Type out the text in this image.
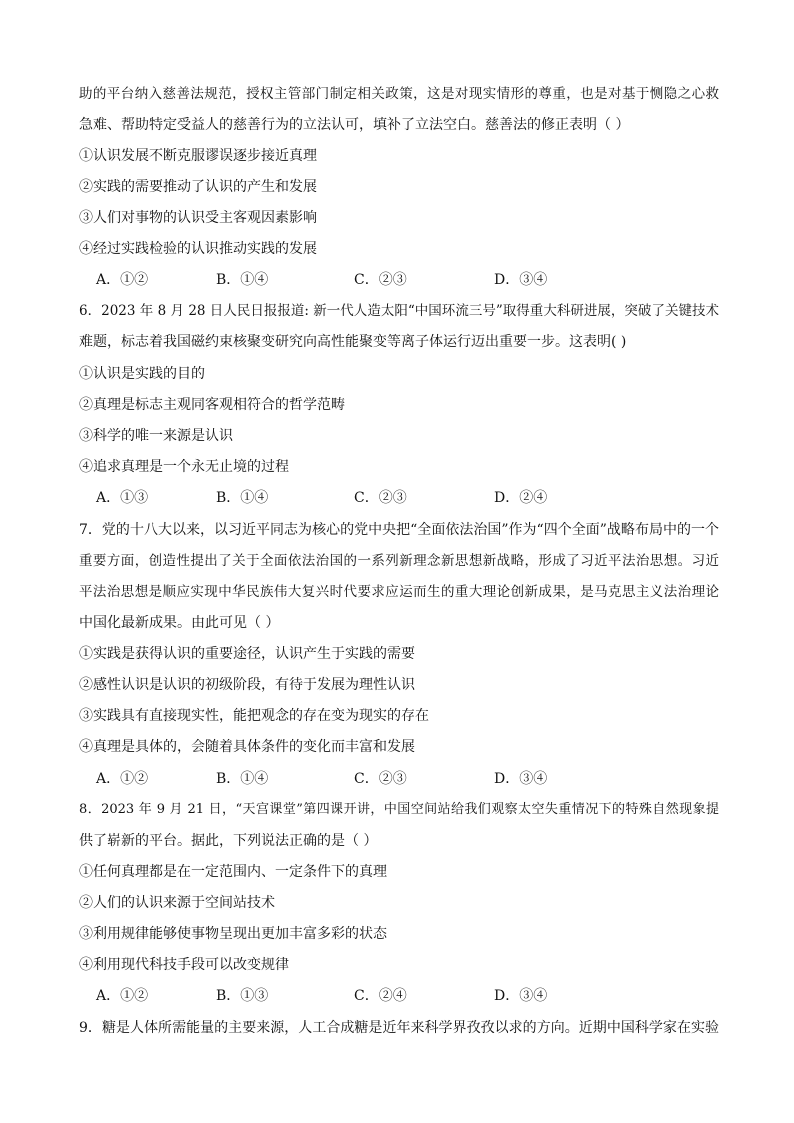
助的平台纳入慈善法规范，授权主管部门制定相关政策，这是对现实情形的尊重，也是对基于恻隐之心救
急难、帮助特定受益人的慈善行为的立法认可，填补了立法空白。慈善法的修正表明（ ）
①认识发展不断克服谬误逐步接近真理
②实践的需要推动了认识的产生和发展
③人们对事物的认识受主客观因素影响
④经过实践检验的认识推动实践的发展
A．①②	B．①④	C．②③	D．③④
6．2023 年 8 月 28 日人民日报报道: 新一代人造太阳“中国环流三号”取得重大科研进展，突破了关键技术
难题，标志着我国磁约束核聚变研究向高性能聚变等离子体运行迈出重要一步。这表明( )
①认识是实践的目的
②真理是标志主观同客观相符合的哲学范畴
③科学的唯一来源是认识
④追求真理是一个永无止境的过程
A．①③	B．①④	C．②③	D．②④
7．党的十八大以来，以习近平同志为核心的党中央把“全面依法治国”作为“四个全面”战略布局中的一个
重要方面，创造性提出了关于全面依法治国的一系列新理念新思想新战略，形成了习近平法治思想。习近
平法治思想是顺应实现中华民族伟大复兴时代要求应运而生的重大理论创新成果，是马克思主义法治理论
中国化最新成果。由此可见（ ）
①实践是获得认识的重要途径，认识产生于实践的需要
②感性认识是认识的初级阶段，有待于发展为理性认识
③实践具有直接现实性，能把观念的存在变为现实的存在
④真理是具体的，会随着具体条件的变化而丰富和发展
A．①②	B．①④	C．②③	D．③④
8．2023 年 9 月 21 日，“天宫课堂”第四课开讲，中国空间站给我们观察太空失重情况下的特殊自然现象提
供了崭新的平台。据此，下列说法正确的是（ ）
①任何真理都是在一定范围内、一定条件下的真理
②人们的认识来源于空间站技术
③利用规律能够使事物呈现出更加丰富多彩的状态
④利用现代科技手段可以改变规律
A．①②	B．①③	C．②④	D．③④
9．糖是人体所需能量的主要来源，人工合成糖是近年来科学界孜孜以求的方向。近期中国科学家在实验
